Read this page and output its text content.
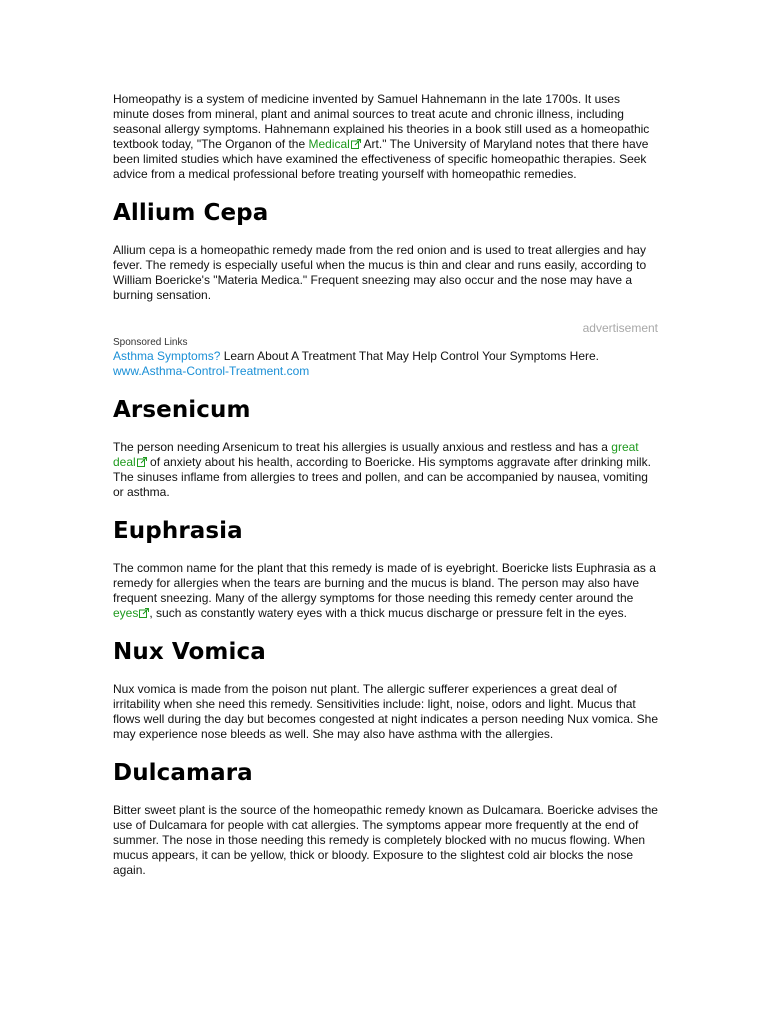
Homeopathy is a system of medicine invented by Samuel Hahnemann in the late 1700s. It uses minute doses from mineral, plant and animal sources to treat acute and chronic illness, including seasonal allergy symptoms. Hahnemann explained his theories in a book still used as a homeopathic textbook today, "The Organon of the Medical Art." The University of Maryland notes that there have been limited studies which have examined the effectiveness of specific homeopathic therapies. Seek advice from a medical professional before treating yourself with homeopathic remedies.

Allium Cepa

Allium cepa is a homeopathic remedy made from the red onion and is used to treat allergies and hay fever. The remedy is especially useful when the mucus is thin and clear and runs easily, according to William Boericke's "Materia Medica." Frequent sneezing may also occur and the nose may have a burning sensation.

advertisement
Sponsored Links

Asthma Symptoms? Learn About A Treatment That May Help Control Your Symptoms Here.

www.Asthma-Control-Treatment.com

Arsenicum

The person needing Arsenicum to treat his allergies is usually anxious and restless and has a great deal of anxiety about his health, according to Boericke. His symptoms aggravate after drinking milk. The sinuses inflame from allergies to trees and pollen, and can be accompanied by nausea, vomiting or asthma.

Euphrasia

The common name for the plant that this remedy is made of is eyebright. Boericke lists Euphrasia as a remedy for allergies when the tears are burning and the mucus is bland. The person may also have frequent sneezing. Many of the allergy symptoms for those needing this remedy center around the eyes , such as constantly watery eyes with a thick mucus discharge or pressure felt in the eyes.

Nux Vomica

Nux vomica is made from the poison nut plant. The allergic sufferer experiences a great deal of irritability when she need this remedy. Sensitivities include: light, noise, odors and light. Mucus that flows well during the day but becomes congested at night indicates a person needing Nux vomica. She may experience nose bleeds as well. She may also have asthma with the allergies.

Dulcamara

Bitter sweet plant is the source of the homeopathic remedy known as Dulcamara. Boericke advises the use of Dulcamara for people with cat allergies. The symptoms appear more frequently at the end of summer. The nose in those needing this remedy is completely blocked with no mucus flowing. When mucus appears, it can be yellow, thick or bloody. Exposure to the slightest cold air blocks the nose again.
